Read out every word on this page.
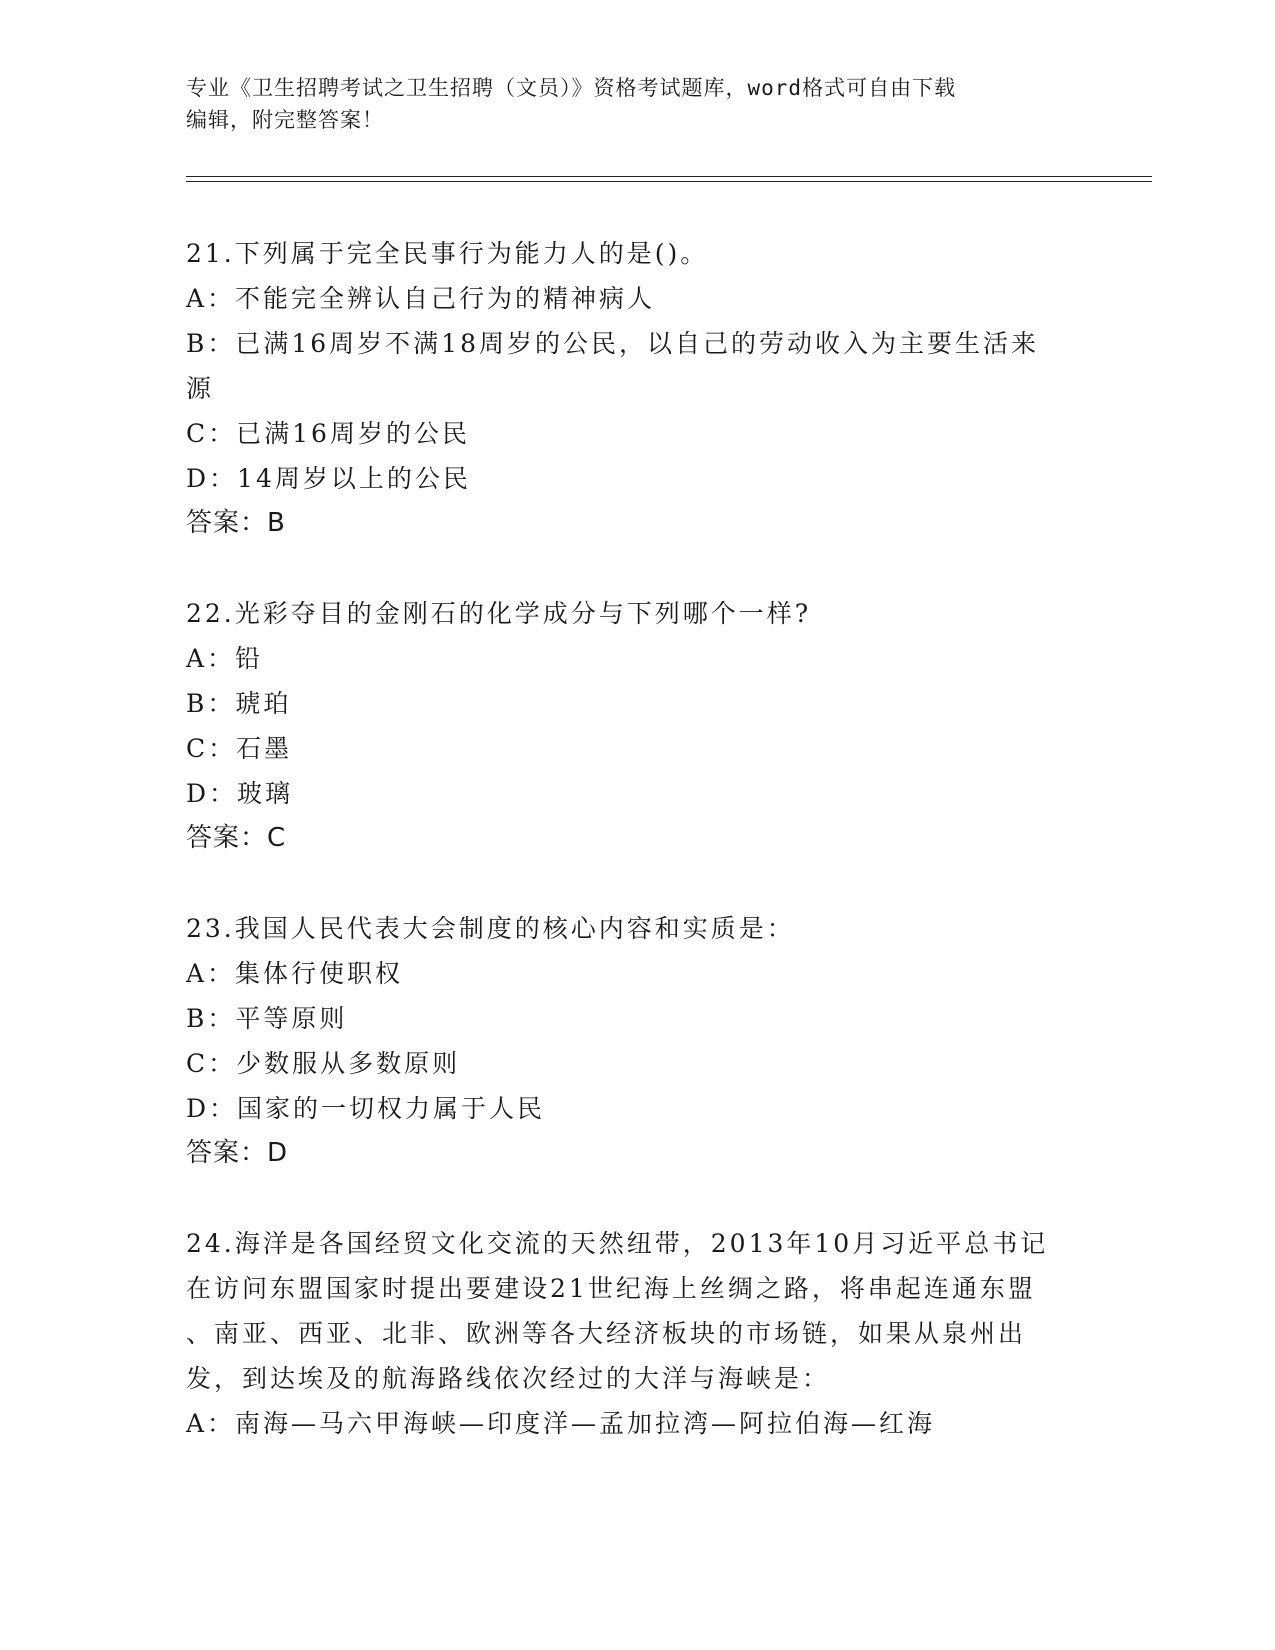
专业《卫生招聘考试之卫生招聘（文员）》资格考试题库，word格式可自由下载
编辑，附完整答案！
21.下列属于完全民事行为能力人的是()。
A：不能完全辨认自己行为的精神病人
B：已满16周岁不满18周岁的公民，以自己的劳动收入为主要生活来
源
C：已满16周岁的公民
D：14周岁以上的公民
答案：B
22.光彩夺目的金刚石的化学成分与下列哪个一样?
A：铅
B：琥珀
C：石墨
D：玻璃
答案：C
23.我国人民代表大会制度的核心内容和实质是：
A：集体行使职权
B：平等原则
C：少数服从多数原则
D：国家的一切权力属于人民
答案：D
24.海洋是各国经贸文化交流的天然纽带，2013年10月习近平总书记
在访问东盟国家时提出要建设21世纪海上丝绸之路，将串起连通东盟
、南亚、西亚、北非、欧洲等各大经济板块的市场链，如果从泉州出
发，到达埃及的航海路线依次经过的大洋与海峡是：
A：南海—马六甲海峡—印度洋—孟加拉湾—阿拉伯海—红海
